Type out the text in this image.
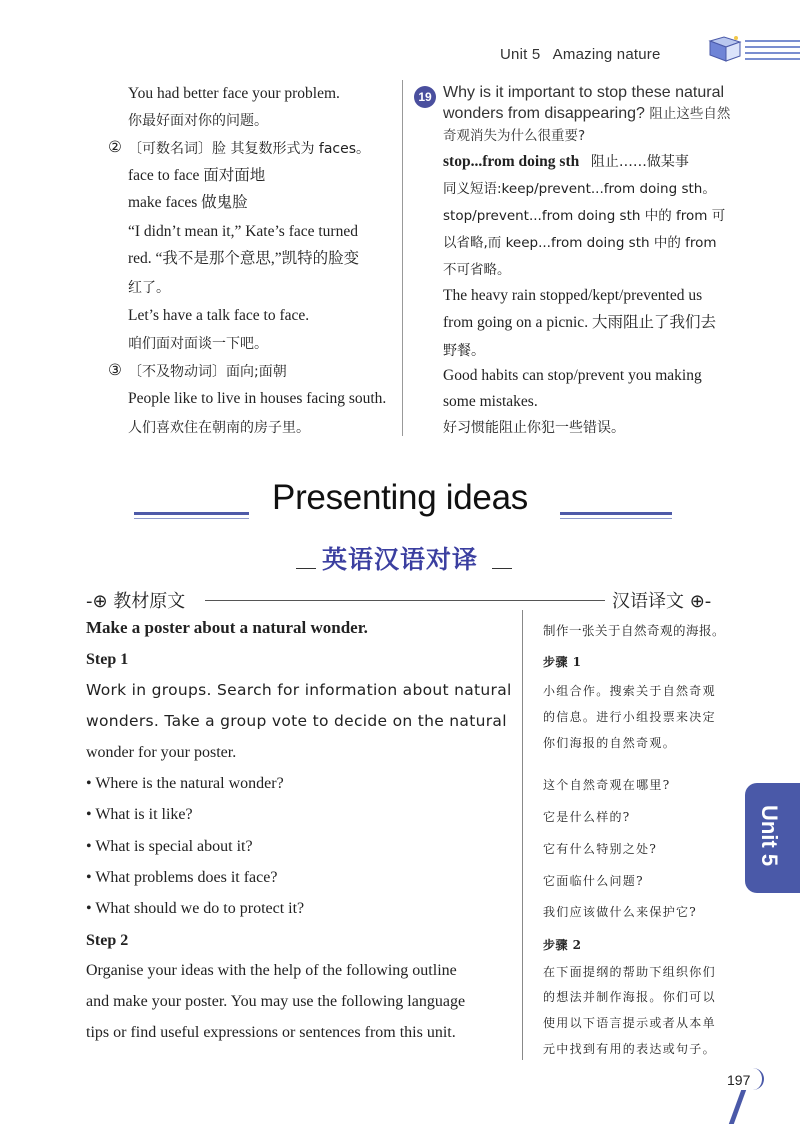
Unit 5 Amazing nature
You had better face your problem.
你最好面对你的问题。
② 〔可数名词〕脸 其复数形式为 faces。
face to face 面对面地
make faces 做鬼脸
“I didn’t mean it,” Kate’s face turned
red. “我不是那个意思,”凯特的脸变
红了。
Let’s have a talk face to face.
咱们面对面谈一下吧。
③ 〔不及物动词〕面向;面朝
People like to live in houses facing south.
人们喜欢住在朝南的房子里。
19 Why is it important to stop these natural wonders from disappearing? 阻止这些自然奇观消失为什么很重要?
stop...from doing sth 阻止……做某事
同义短语:keep/prevent...from doing sth。
stop/prevent...from doing sth 中的 from 可
以省略,而 keep...from doing sth 中的 from
不可省略。
The heavy rain stopped/kept/prevented us
from going on a picnic. 大雨阻止了我们去
野餐。
Good habits can stop/prevent you making
some mistakes.
好习惯能阻止你犯一些错误。
Presenting ideas
英语汉语对译
-⊕ 教材原文	汉语译文 ⊕-
Make a poster about a natural wonder.
Step 1
Work in groups. Search for information about natural
wonders. Take a group vote to decide on the natural
wonder for your poster.
• Where is the natural wonder?
• What is it like?
• What is special about it?
• What problems does it face?
• What should we do to protect it?
Step 2
Organise your ideas with the help of the following outline
and make your poster. You may use the following language
tips or find useful expressions or sentences from this unit.
制作一张关于自然奇观的海报。
步骤 1
小组合作。搜索关于自然奇观
的信息。进行小组投票来决定
你们海报的自然奇观。
这个自然奇观在哪里?
它是什么样的?
它有什么特别之处?
它面临什么问题?
我们应该做什么来保护它?
步骤 2
在下面提纲的帮助下组织你们
的想法并制作海报。你们可以
使用以下语言提示或者从本单
元中找到有用的表达或句子。
Unit 5
197
